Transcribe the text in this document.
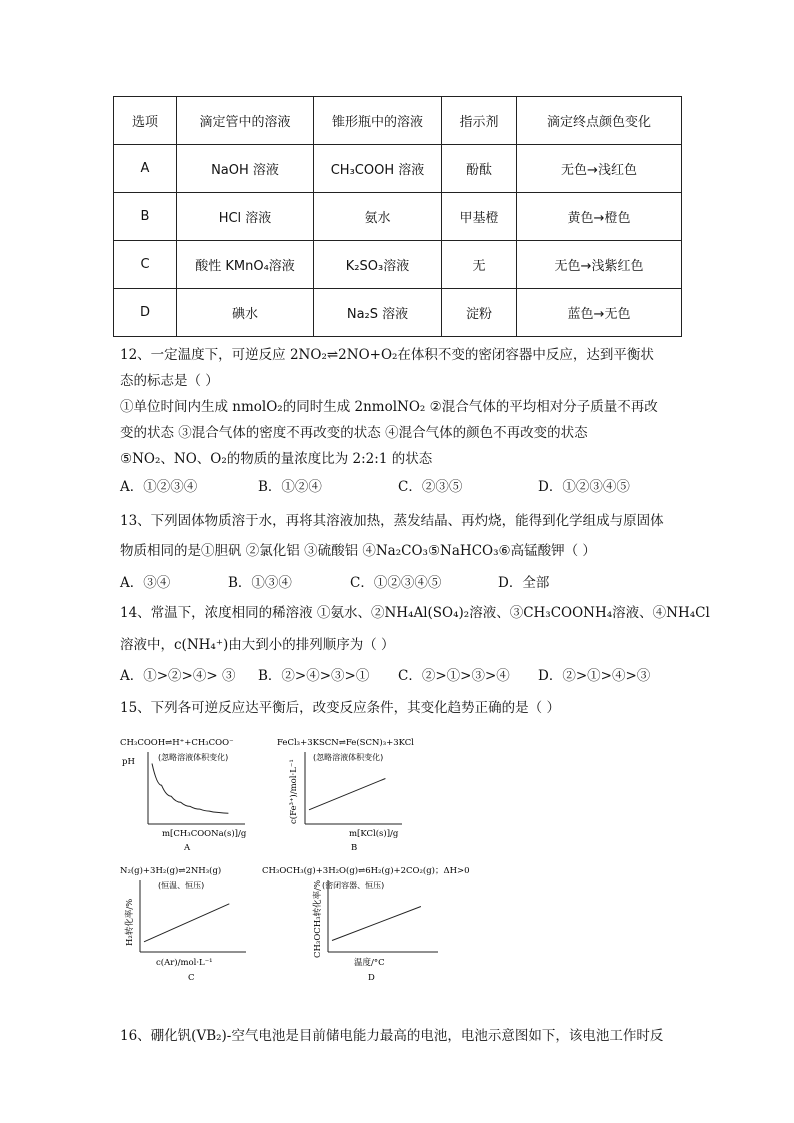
选项	滴定管中的溶液	锥形瓶中的溶液	指示剂	滴定终点颜色变化
A	NaOH 溶液	CH₃COOH 溶液	酚酞	无色→浅红色
B	HCl 溶液	氨水	甲基橙	黄色→橙色
C	酸性 KMnO₄溶液	K₂SO₃溶液	无	无色→浅紫红色
D	碘水	Na₂S 溶液	淀粉	蓝色→无色
12、一定温度下，可逆反应 2NO₂⇌2NO+O₂在体积不变的密闭容器中反应，达到平衡状
态的标志是（ ）
①单位时间内生成 nmolO₂的同时生成 2nmolNO₂ ②混合气体的平均相对分子质量不再改
变的状态 ③混合气体的密度不再改变的状态 ④混合气体的颜色不再改变的状态
⑤NO₂、NO、O₂的物质的量浓度比为 2:2:1 的状态
A．①②③④	B．①②④	C．②③⑤	D．①②③④⑤
13、下列固体物质溶于水，再将其溶液加热，蒸发结晶、再灼烧，能得到化学组成与原固体
物质相同的是①胆矾 ②氯化铝 ③硫酸铝 ④Na₂CO₃⑤NaHCO₃⑥高锰酸钾（ ）
A．③④	B．①③④	C．①②③④⑤	D．全部
14、常温下，浓度相同的稀溶液 ①氨水、②NH₄Al(SO₄)₂溶液、③CH₃COONH₄溶液、④NH₄Cl
溶液中，c(NH₄⁺)由大到小的排列顺序为（ ）
A．①>②>④> ③ B．②>④>③>① C．②>①>③>④ D．②>①>④>③
15、下列各可逆反应达平衡后，改变反应条件，其变化趋势正确的是（ ）
CH₃COOH⇌H⁺+CH₃COO⁻
(忽略溶液体积变化)
pH
m[CH₃COONa(s)]/g
A
FeCl₃+3KSCN⇌Fe(SCN)₃+3KCl
(忽略溶液体积变化)
c(Fe³⁺)/mol·L⁻¹
m[KCl(s)]/g
B
N₂(g)+3H₂(g)⇌2NH₃(g)
(恒温、恒压)
H₂转化率/%
c(Ar)/mol·L⁻¹
C
CH₃OCH₃(g)+3H₂O(g)⇌6H₂(g)+2CO₂(g)；ΔH>0
(密闭容器、恒压)
CH₃OCH₃转化率/%
温度/°C
D
16、硼化钒(VB₂)-空气电池是目前储电能力最高的电池，电池示意图如下，该电池工作时反
